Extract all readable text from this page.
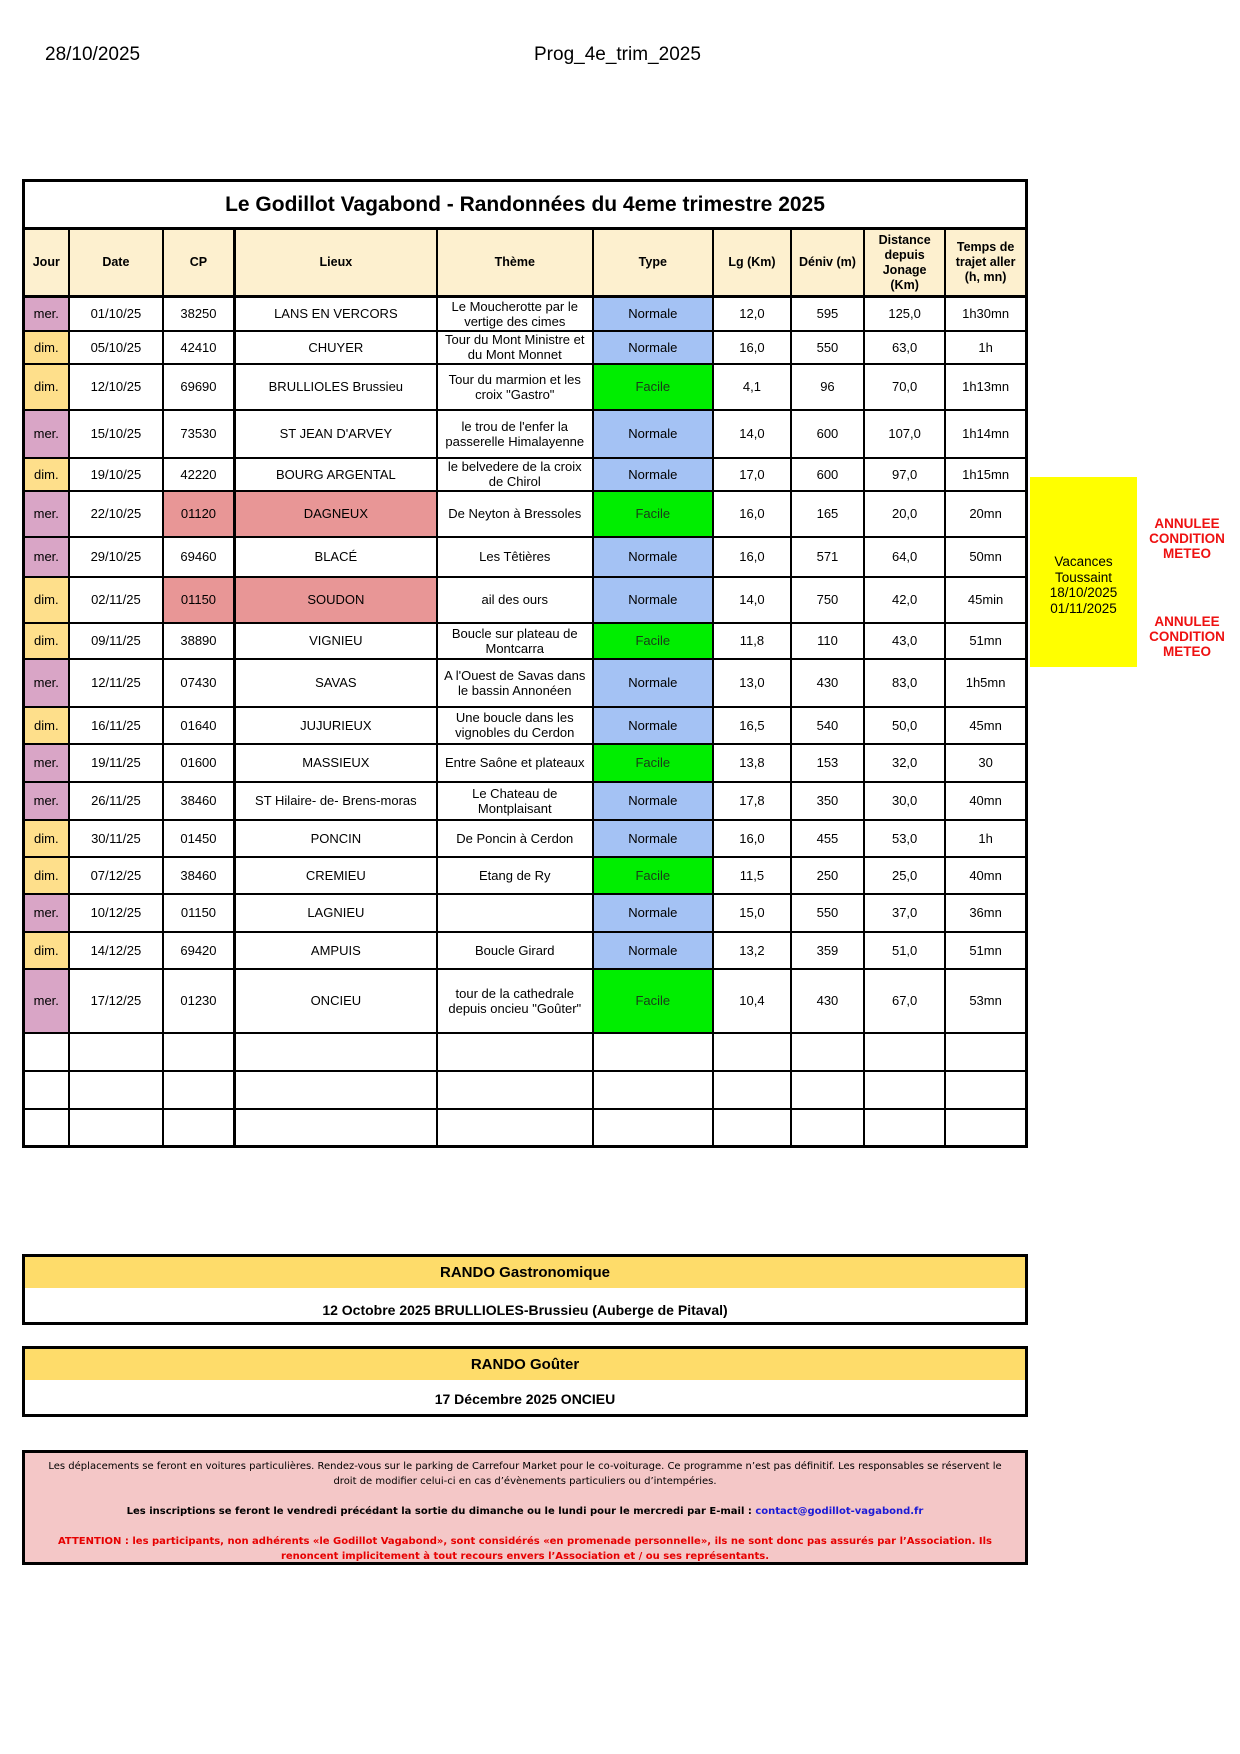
28/10/2025	Prog_4e_trim_2025
Le Godillot Vagabond - Randonnées du 4eme trimestre 2025									
Jour	Date	CP	Lieux	Thème	Type	Lg (Km)	Déniv (m)	Distance depuis Jonage (Km)	Temps de trajet aller (h, mn)
mer.	01/10/25	38250	LANS EN VERCORS	Le Moucherotte par le vertige des cimes	Normale	12,0	595	125,0	1h30mn
dim.	05/10/25	42410	CHUYER	Tour du Mont Ministre et du Mont Monnet	Normale	16,0	550	63,0	1h
dim.	12/10/25	69690	BRULLIOLES Brussieu	Tour du marmion et les croix "Gastro"	Facile	4,1	96	70,0	1h13mn
mer.	15/10/25	73530	ST JEAN D'ARVEY	le trou de l'enfer la passerelle Himalayenne	Normale	14,0	600	107,0	1h14mn
dim.	19/10/25	42220	BOURG ARGENTAL	le belvedere de la croix de Chirol	Normale	17,0	600	97,0	1h15mn
mer.	22/10/25	01120	DAGNEUX	De Neyton à Bressoles	Facile	16,0	165	20,0	20mn
mer.	29/10/25	69460	BLACÉ	Les Têtières	Normale	16,0	571	64,0	50mn
dim.	02/11/25	01150	SOUDON	ail des ours	Normale	14,0	750	42,0	45min
dim.	09/11/25	38890	VIGNIEU	Boucle sur plateau de Montcarra	Facile	11,8	110	43,0	51mn
mer.	12/11/25	07430	SAVAS	A l'Ouest de Savas dans le bassin Annonéen	Normale	13,0	430	83,0	1h5mn
dim.	16/11/25	01640	JUJURIEUX	Une boucle dans les vignobles du Cerdon	Normale	16,5	540	50,0	45mn
mer.	19/11/25	01600	MASSIEUX	Entre Saône et plateaux	Facile	13,8	153	32,0	30
mer.	26/11/25	38460	ST Hilaire- de- Brens-moras	Le Chateau de Montplaisant	Normale	17,8	350	30,0	40mn
dim.	30/11/25	01450	PONCIN	De Poncin à Cerdon	Normale	16,0	455	53,0	1h
dim.	07/12/25	38460	CREMIEU	Etang de Ry	Facile	11,5	250	25,0	40mn
mer.	10/12/25	01150	LAGNIEU		Normale	15,0	550	37,0	36mn
dim.	14/12/25	69420	AMPUIS	Boucle Girard	Normale	13,2	359	51,0	51mn
mer.	17/12/25	01230	ONCIEU	tour de la cathedrale depuis oncieu "Goûter"	Facile	10,4	430	67,0	53mn

Vacances
Toussaint
18/10/2025
01/11/2025
ANNULEE
CONDITION
METEO
ANNULEE
CONDITION
METEO
RANDO Gastronomique
12 Octobre 2025 BRULLIOLES-Brussieu (Auberge de Pitaval)
RANDO Goûter
17 Décembre 2025 ONCIEU

Les déplacements se feront en voitures particulières. Rendez-vous sur le parking de Carrefour Market pour le co-voiturage. Ce programme n’est pas définitif. Les responsables se réservent le droit de modifier celui-ci en cas d’évènements particuliers ou d’intempéries.

Les inscriptions se feront le vendredi précédant la sortie du dimanche ou le lundi pour le mercredi par E-mail : contact@godillot-vagabond.fr

ATTENTION : les participants, non adhérents «le Godillot Vagabond», sont considérés «en promenade personnelle», ils ne sont donc pas assurés par l’Association. Ils renoncent implicitement à tout recours envers l’Association et / ou ses représentants.
